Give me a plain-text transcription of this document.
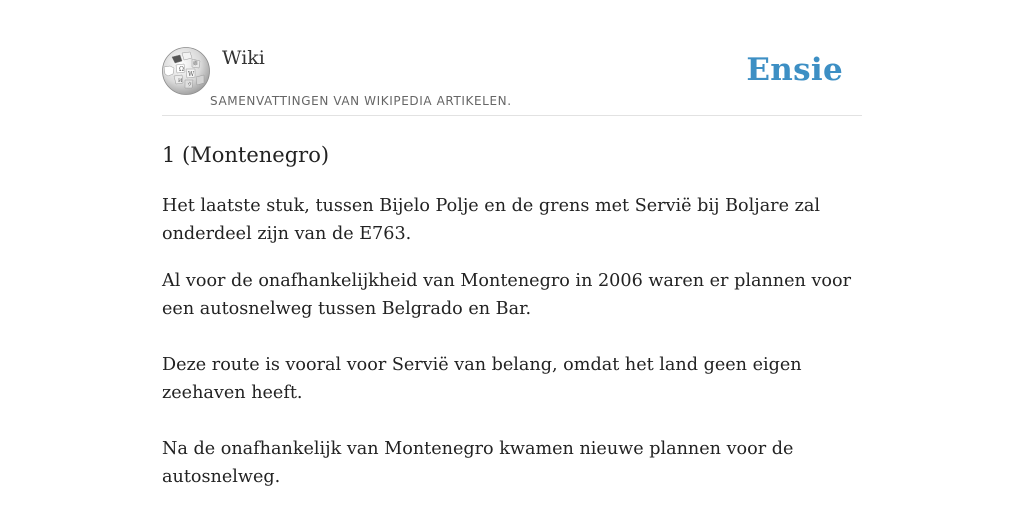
Ω
W
И
維
ウ
Wiki
SAMENVATTINGEN VAN WIKIPEDIA ARTIKELEN.
Ensie
1 (Montenegro)

Het laatste stuk, tussen Bijelo Polje en de grens met Servië bij Boljare zal onderdeel zijn van de E763.

Al voor de onafhankelijkheid van Montenegro in 2006 waren er plannen voor een autosnelweg tussen Belgrado en Bar.

Deze route is vooral voor Servië van belang, omdat het land geen eigen zeehaven heeft.

Na de onafhankelijk van Montenegro kwamen nieuwe plannen voor de autosnelweg.
